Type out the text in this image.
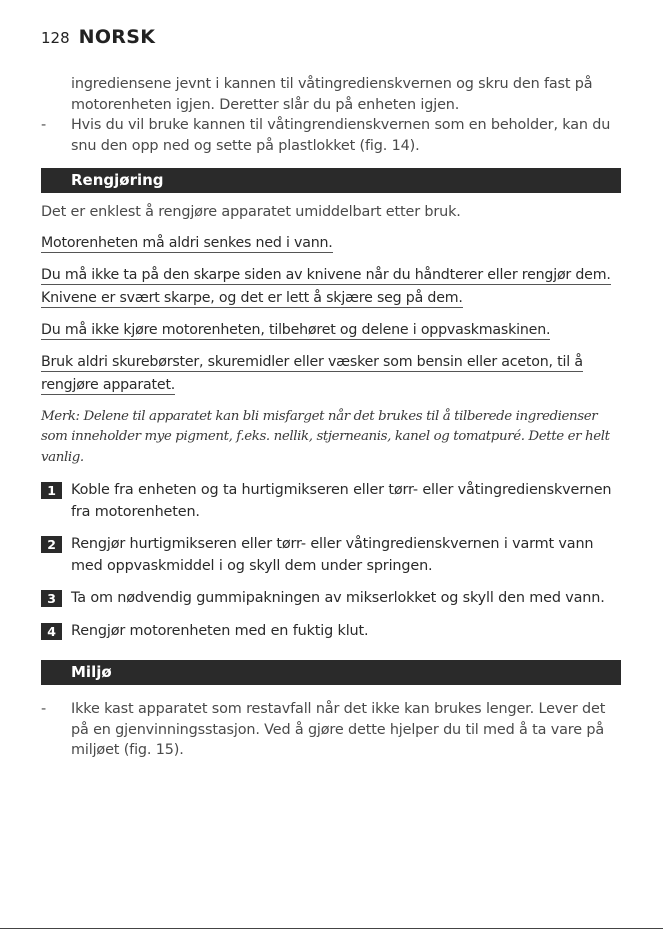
128 NORSK

ingrediensene jevnt i kannen til våtingredienskvernen og skru den fast på motorenheten igjen. Deretter slår du på enheten igjen.

-	Hvis du vil bruke kannen til våtingrendienskvernen som en beholder, kan du snu den opp ned og sette på plastlokket (fig. 14).
Rengjøring
Det er enklest å rengjøre apparatet umiddelbart etter bruk.
Motorenheten må aldri senkes ned i vann.
Du må ikke ta på den skarpe siden av knivene når du håndterer eller rengjør dem. Knivene er svært skarpe, og det er lett å skjære seg på dem.
Du må ikke kjøre motorenheten, tilbehøret og delene i oppvaskmaskinen.
Bruk aldri skurebørster, skuremidler eller væsker som bensin eller aceton, til å rengjøre apparatet.
Merk: Delene til apparatet kan bli misfarget når det brukes til å tilberede ingredienser som inneholder mye pigment, f.eks. nellik, stjerneanis, kanel og tomatpuré. Dette er helt vanlig.
1	Koble fra enheten og ta hurtigmikseren eller tørr- eller våtingredienskvernen fra motorenheten.
2	Rengjør hurtigmikseren eller tørr- eller våtingredienskvernen i varmt vann med oppvaskmiddel i og skyll dem under springen.
3	Ta om nødvendig gummipakningen av mikserlokket og skyll den med vann.
4	Rengjør motorenheten med en fuktig klut.
Miljø
-	Ikke kast apparatet som restavfall når det ikke kan brukes lenger. Lever det på en gjenvinningsstasjon. Ved å gjøre dette hjelper du til med å ta vare på miljøet (fig. 15).
